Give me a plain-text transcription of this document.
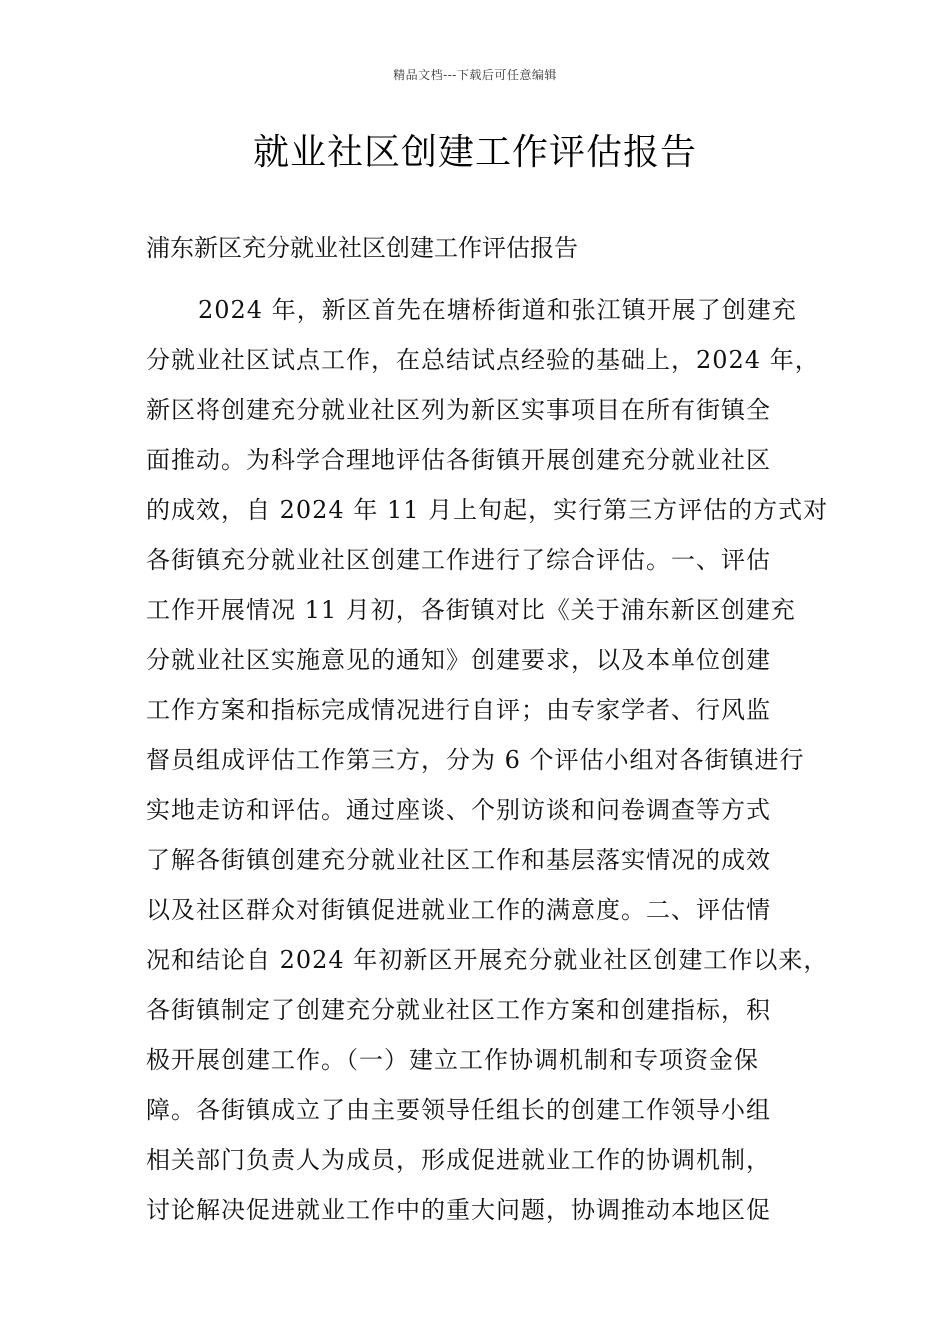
精品文档---下载后可任意编辑
就业社区创建工作评估报告

浦东新区充分就业社区创建工作评估报告

2024 年，新区首先在塘桥街道和张江镇开展了创建充
分就业社区试点工作，在总结试点经验的基础上，2024 年，
新区将创建充分就业社区列为新区实事项目在所有街镇全
面推动。为科学合理地评估各街镇开展创建充分就业社区
的成效，自 2024 年 11 月上旬起，实行第三方评估的方式对
各街镇充分就业社区创建工作进行了综合评估。一、评估
工作开展情况 11 月初，各街镇对比《关于浦东新区创建充
分就业社区实施意见的通知》创建要求，以及本单位创建
工作方案和指标完成情况进行自评；由专家学者、行风监
督员组成评估工作第三方，分为 6 个评估小组对各街镇进行
实地走访和评估。通过座谈、个别访谈和问卷调查等方式
了解各街镇创建充分就业社区工作和基层落实情况的成效
以及社区群众对街镇促进就业工作的满意度。二、评估情
况和结论自 2024 年初新区开展充分就业社区创建工作以来，
各街镇制定了创建充分就业社区工作方案和创建指标，积
极开展创建工作。（一）建立工作协调机制和专项资金保
障。各街镇成立了由主要领导任组长的创建工作领导小组
相关部门负责人为成员，形成促进就业工作的协调机制，
讨论解决促进就业工作中的重大问题，协调推动本地区促
